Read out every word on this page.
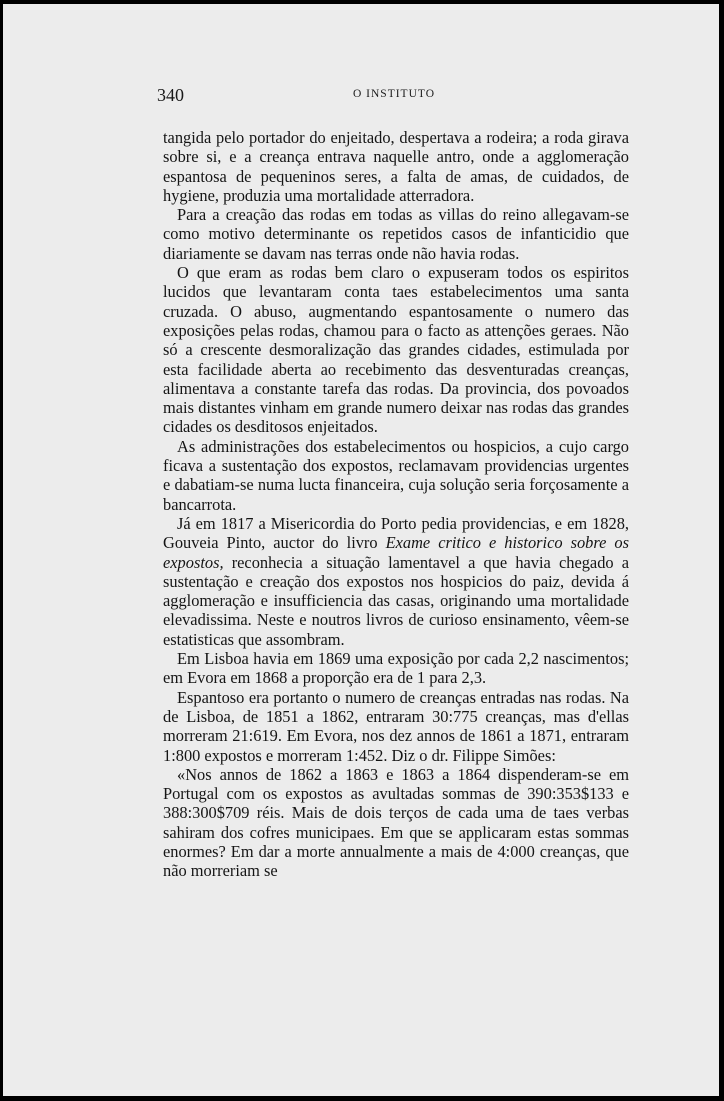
340	O INSTITUTO

tangida pelo portador do enjeitado, despertava a rodeira; a roda girava sobre si, e a creança entrava naquelle antro, onde a agglomeração espantosa de pequeninos seres, a falta de amas, de cuidados, de hygiene, produzia uma mortalidade atterradora.

Para a creação das rodas em todas as villas do reino allegavam-se como motivo determinante os repetidos casos de infanticidio que diariamente se davam nas terras onde não havia rodas.

O que eram as rodas bem claro o expuseram todos os espiritos lucidos que levantaram conta taes estabelecimentos uma santa cruzada. O abuso, augmentando espantosamente o numero das exposições pelas rodas, chamou para o facto as attenções geraes. Não só a crescente desmoralização das grandes cidades, estimulada por esta facilidade aberta ao recebimento das desventuradas creanças, alimentava a constante tarefa das rodas. Da provincia, dos povoados mais distantes vinham em grande numero deixar nas rodas das grandes cidades os desditosos enjeitados.

As administrações dos estabelecimentos ou hospicios, a cujo cargo ficava a sustentação dos expostos, reclamavam providencias urgentes e dabatiam-se numa lucta financeira, cuja solução seria forçosamente a bancarrota.

Já em 1817 a Misericordia do Porto pedia providencias, e em 1828, Gouveia Pinto, auctor do livro Exame critico e historico sobre os expostos, reconhecia a situação lamentavel a que havia chegado a sustentação e creação dos expostos nos hospicios do paiz, devida á agglomeração e insufficiencia das casas, originando uma mortalidade elevadissima. Neste e noutros livros de curioso ensinamento, vêem-se estatisticas que assombram.

Em Lisboa havia em 1869 uma exposição por cada 2,2 nascimentos; em Evora em 1868 a proporção era de 1 para 2,3.

Espantoso era portanto o numero de creanças entradas nas rodas. Na de Lisboa, de 1851 a 1862, entraram 30:775 creanças, mas d'ellas morreram 21:619. Em Evora, nos dez annos de 1861 a 1871, entraram 1:800 expostos e morreram 1:452. Diz o dr. Filippe Simões:

«Nos annos de 1862 a 1863 e 1863 a 1864 dispenderam-se em Portugal com os expostos as avultadas sommas de 390:353$133 e 388:300$709 réis. Mais de dois terços de cada uma de taes verbas sahiram dos cofres municipaes. Em que se applicaram estas sommas enormes? Em dar a morte annualmente a mais de 4:000 creanças, que não morreriam se
